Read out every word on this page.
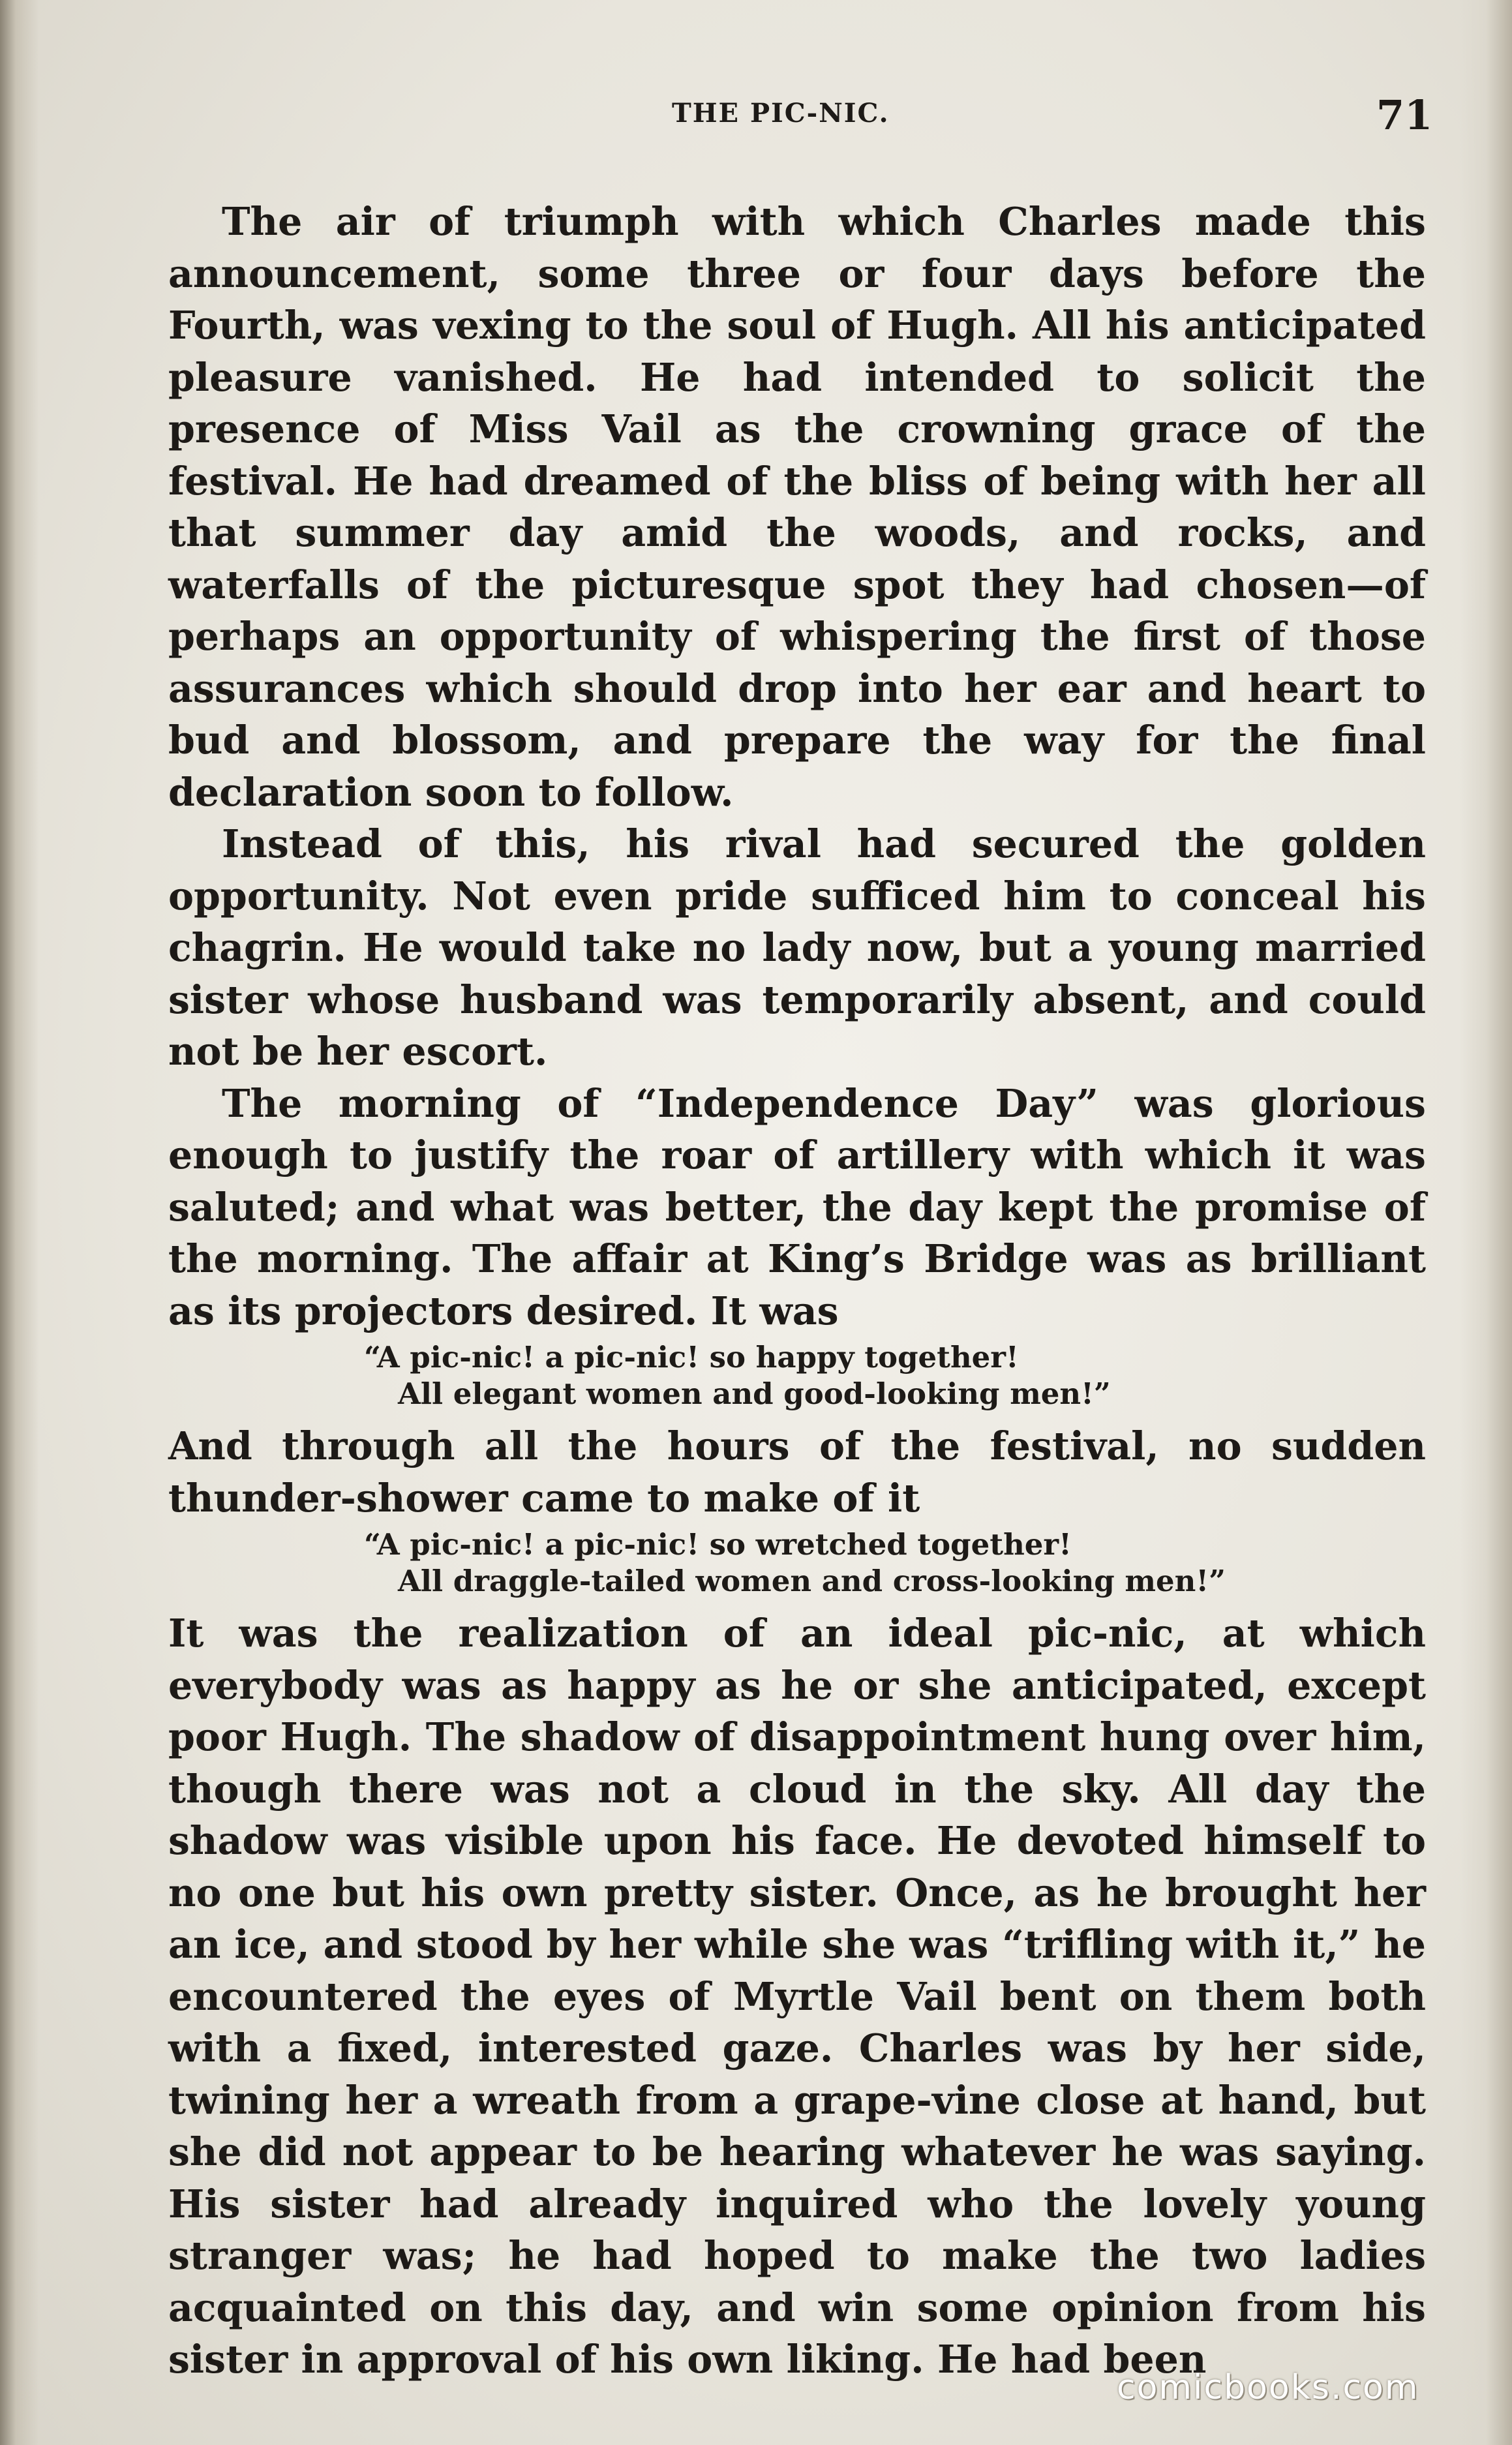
THE PIC-NIC.	71

The air of triumph with which Charles made this announcement, some three or four days before the Fourth, was vexing to the soul of Hugh. All his anticipated pleasure vanished. He had intended to solicit the presence of Miss Vail as the crowning grace of the festival. He had dreamed of the bliss of being with her all that summer day amid the woods, and rocks, and waterfalls of the picturesque spot they had chosen—of perhaps an opportunity of whispering the first of those assurances which should drop into her ear and heart to bud and blossom, and prepare the way for the final declaration soon to follow.

Instead of this, his rival had secured the golden opportunity. Not even pride sufficed him to conceal his chagrin. He would take no lady now, but a young married sister whose husband was temporarily absent, and could not be her escort.

The morning of “Independence Day” was glorious enough to justify the roar of artillery with which it was saluted; and what was better, the day kept the promise of the morning. The affair at King’s Bridge was as brilliant as its projectors desired. It was

“A pic-nic! a pic-nic! so happy together!
All elegant women and good-looking men!”

And through all the hours of the festival, no sudden thunder-shower came to make of it

“A pic-nic! a pic-nic! so wretched together!
All draggle-tailed women and cross-looking men!”

It was the realization of an ideal pic-nic, at which everybody was as happy as he or she anticipated, except poor Hugh. The shadow of disappointment hung over him, though there was not a cloud in the sky. All day the shadow was visible upon his face. He devoted himself to no one but his own pretty sister. Once, as he brought her an ice, and stood by her while she was “trifling with it,” he encountered the eyes of Myrtle Vail bent on them both with a fixed, interested gaze. Charles was by her side, twining her a wreath from a grape-vine close at hand, but she did not appear to be hearing whatever he was saying. His sister had already inquired who the lovely young stranger was; he had hoped to make the two ladies acquainted on this day, and win some opinion from his sister in approval of his own liking. He had been

comicbooks.com
